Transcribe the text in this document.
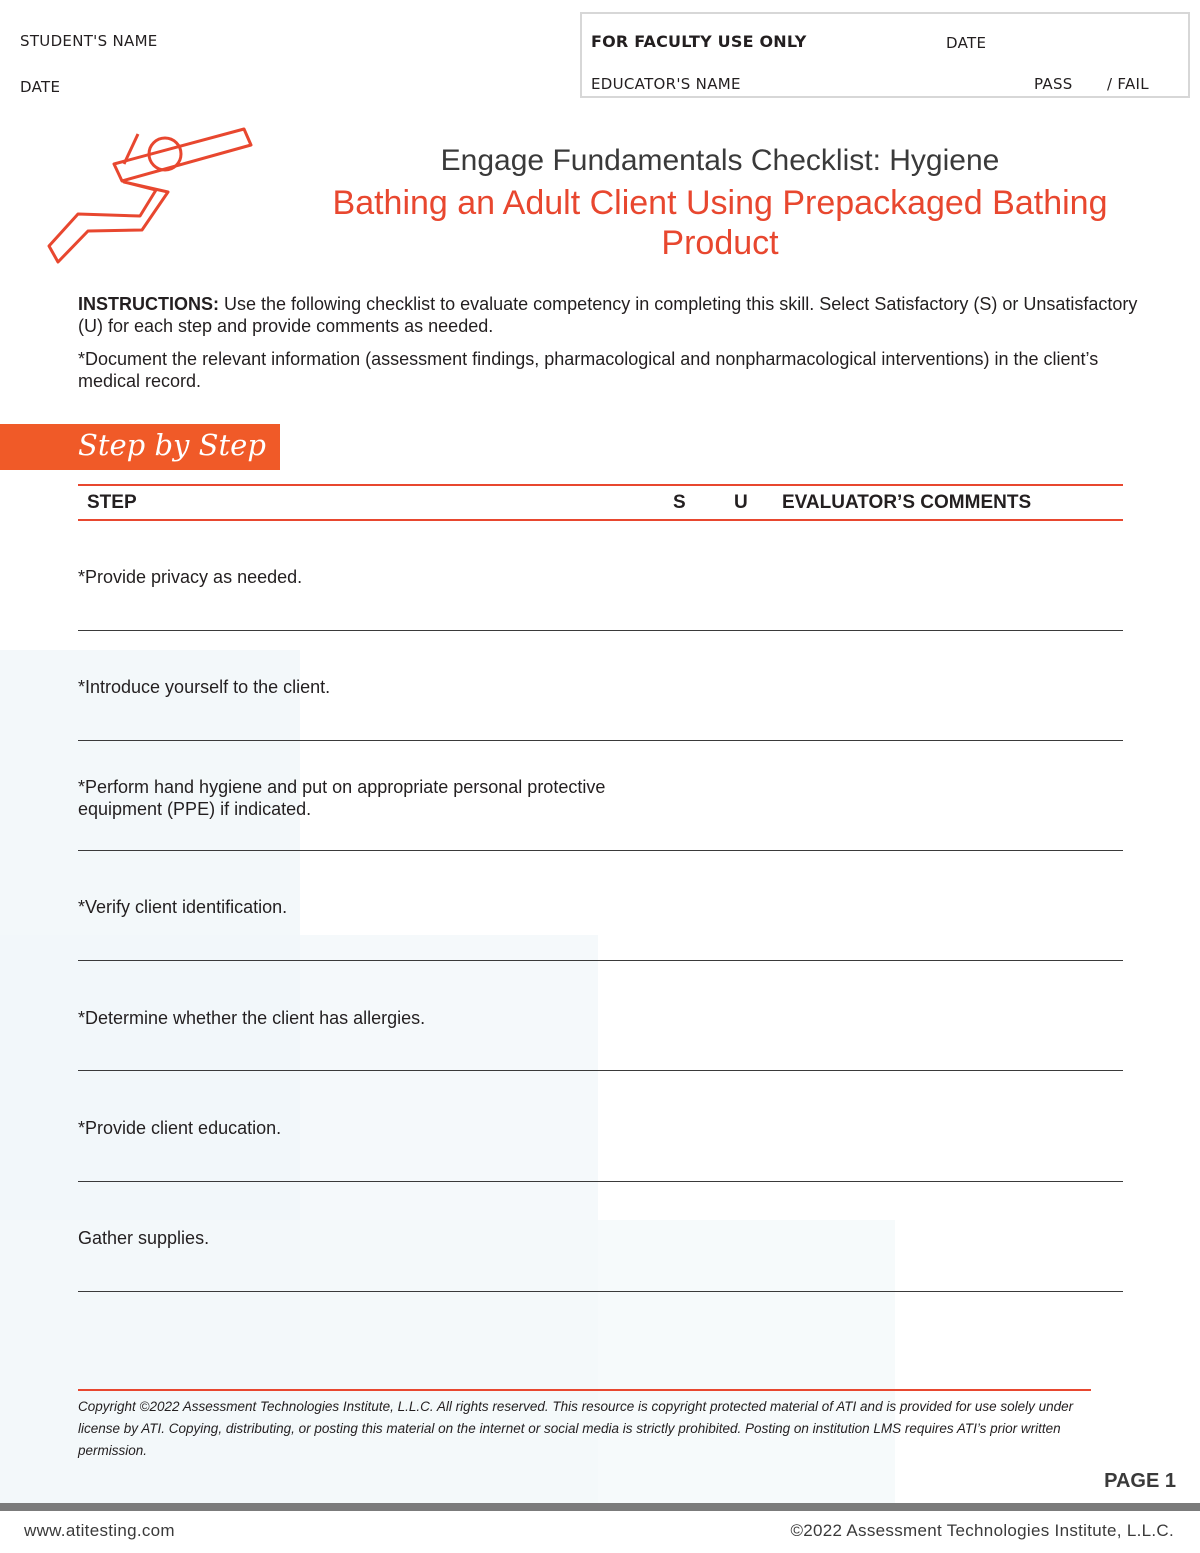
STUDENT'S NAME
DATE
FOR FACULTY USE ONLY	DATE
EDUCATOR'S NAME	PASS / FAIL
Engage Fundamentals Checklist: Hygiene
Bathing an Adult Client Using Prepackaged Bathing
Product
INSTRUCTIONS: Use the following checklist to evaluate competency in completing this skill. Select Satisfactory (S) or Unsatisfactory (U) for each step and provide comments as needed.
*Document the relevant information (assessment findings, pharmacological and nonpharmacological interventions) in the client’s medical record.
Step by Step
STEP	S	U EVALUATOR’S COMMENTS
*Provide privacy as needed.
*Introduce yourself to the client.
*Perform hand hygiene and put on appropriate personal protective equipment (PPE) if indicated.
*Verify client identification.
*Determine whether the client has allergies.
*Provide client education.
Gather supplies.
Copyright ©2022 Assessment Technologies Institute, L.L.C. All rights reserved. This resource is copyright protected material of ATI and is provided for use solely under license by ATI. Copying, distributing, or posting this material on the internet or social media is strictly prohibited. Posting on institution LMS requires ATI’s prior written permission.
PAGE 1
www.atitesting.com	©2022 Assessment Technologies Institute, L.L.C.
